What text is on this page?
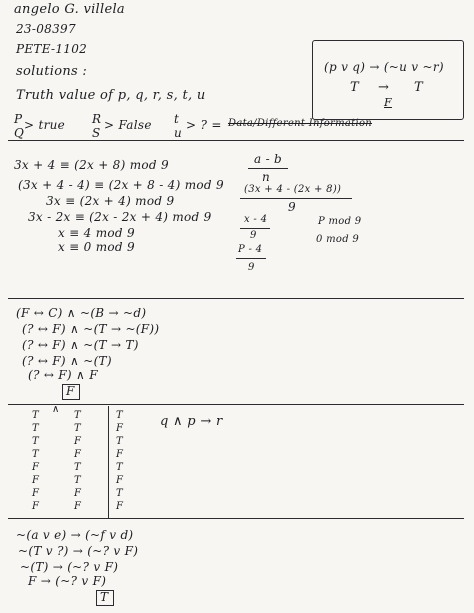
angelo G. villela
23-08397
PETE-1102
solutions :
Truth value of p, q, r, s, t, u
P
Q
> true R
S
> False t
u
> ? = Data/Different Information
(p v q) → (~u v ~r)
T → T
F
3x + 4 ≡ (2x + 8) mod 9
(3x + 4 - 4) ≡ (2x + 8 - 4) mod 9
3x ≡ (2x + 4) mod 9
3x - 2x ≡ (2x - 2x + 4) mod 9
x ≡ 4 mod 9
x ≡ 0 mod 9
a - b
n
(3x + 4 - (2x + 8))
9
x - 4
9
P - 4
9
P mod 9
0 mod 9
(F ↔ C) ∧ ~(B → ~d)
(? ↔ F) ∧ ~(T → ~(F))
(? ↔ F) ∧ ~(T → T)
(? ↔ F) ∧ ~(T)
(? ↔ F) ∧ F
F
∧
q ∧ p → r
T
T
T
T
F
F
F
F
T
T
F
F
T
T
F
F
T
F
T
F
T
F
T
F
~(a v e) → (~f v d)
~(T v ?) → (~? v F)
~(T) → (~? v F)
F → (~? v F)
T
